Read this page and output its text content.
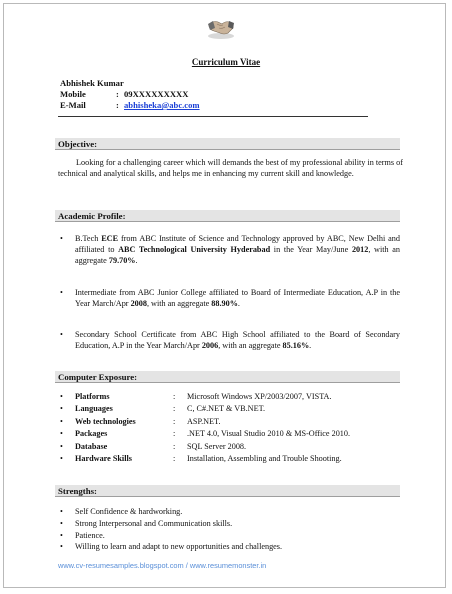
Curriculum Vitae
Abhishek Kumar
Mobile	: 09XXXXXXXXX
E-Mail	: abhisheka@abc.com
Objective:
Looking for a challenging career which will demands the best of my professional ability in terms of technical and analytical skills, and helps me in enhancing my current skill and knowledge.
Academic Profile:
• B.Tech ECE from ABC Institute of Science and Technology approved by ABC, New Delhi and affiliated to ABC Technological University Hyderabad in the Year May/June 2012, with an aggregate 79.70%.
• Intermediate from ABC Junior College affiliated to Board of Intermediate Education, A.P in the Year March/Apr 2008, with an aggregate 88.90%.
• Secondary School Certificate from ABC High School affiliated to the Board of Secondary Education, A.P in the Year March/Apr 2006, with an aggregate 85.16%.
Computer Exposure:
• Platforms	: Microsoft Windows XP/2003/2007, VISTA.
• Languages	: C, C#.NET & VB.NET.
• Web technologies	: ASP.NET.
• Packages	: .NET 4.0, Visual Studio 2010 & MS-Office 2010.
• Database	: SQL Server 2008.
• Hardware Skills	: Installation, Assembling and Trouble Shooting.
Strengths:
• Self Confidence & hardworking.
• Strong Interpersonal and Communication skills.
• Patience.
• Willing to learn and adapt to new opportunities and challenges.
www.cv-resumesamples.blogspot.com / www.resumemonster.in
